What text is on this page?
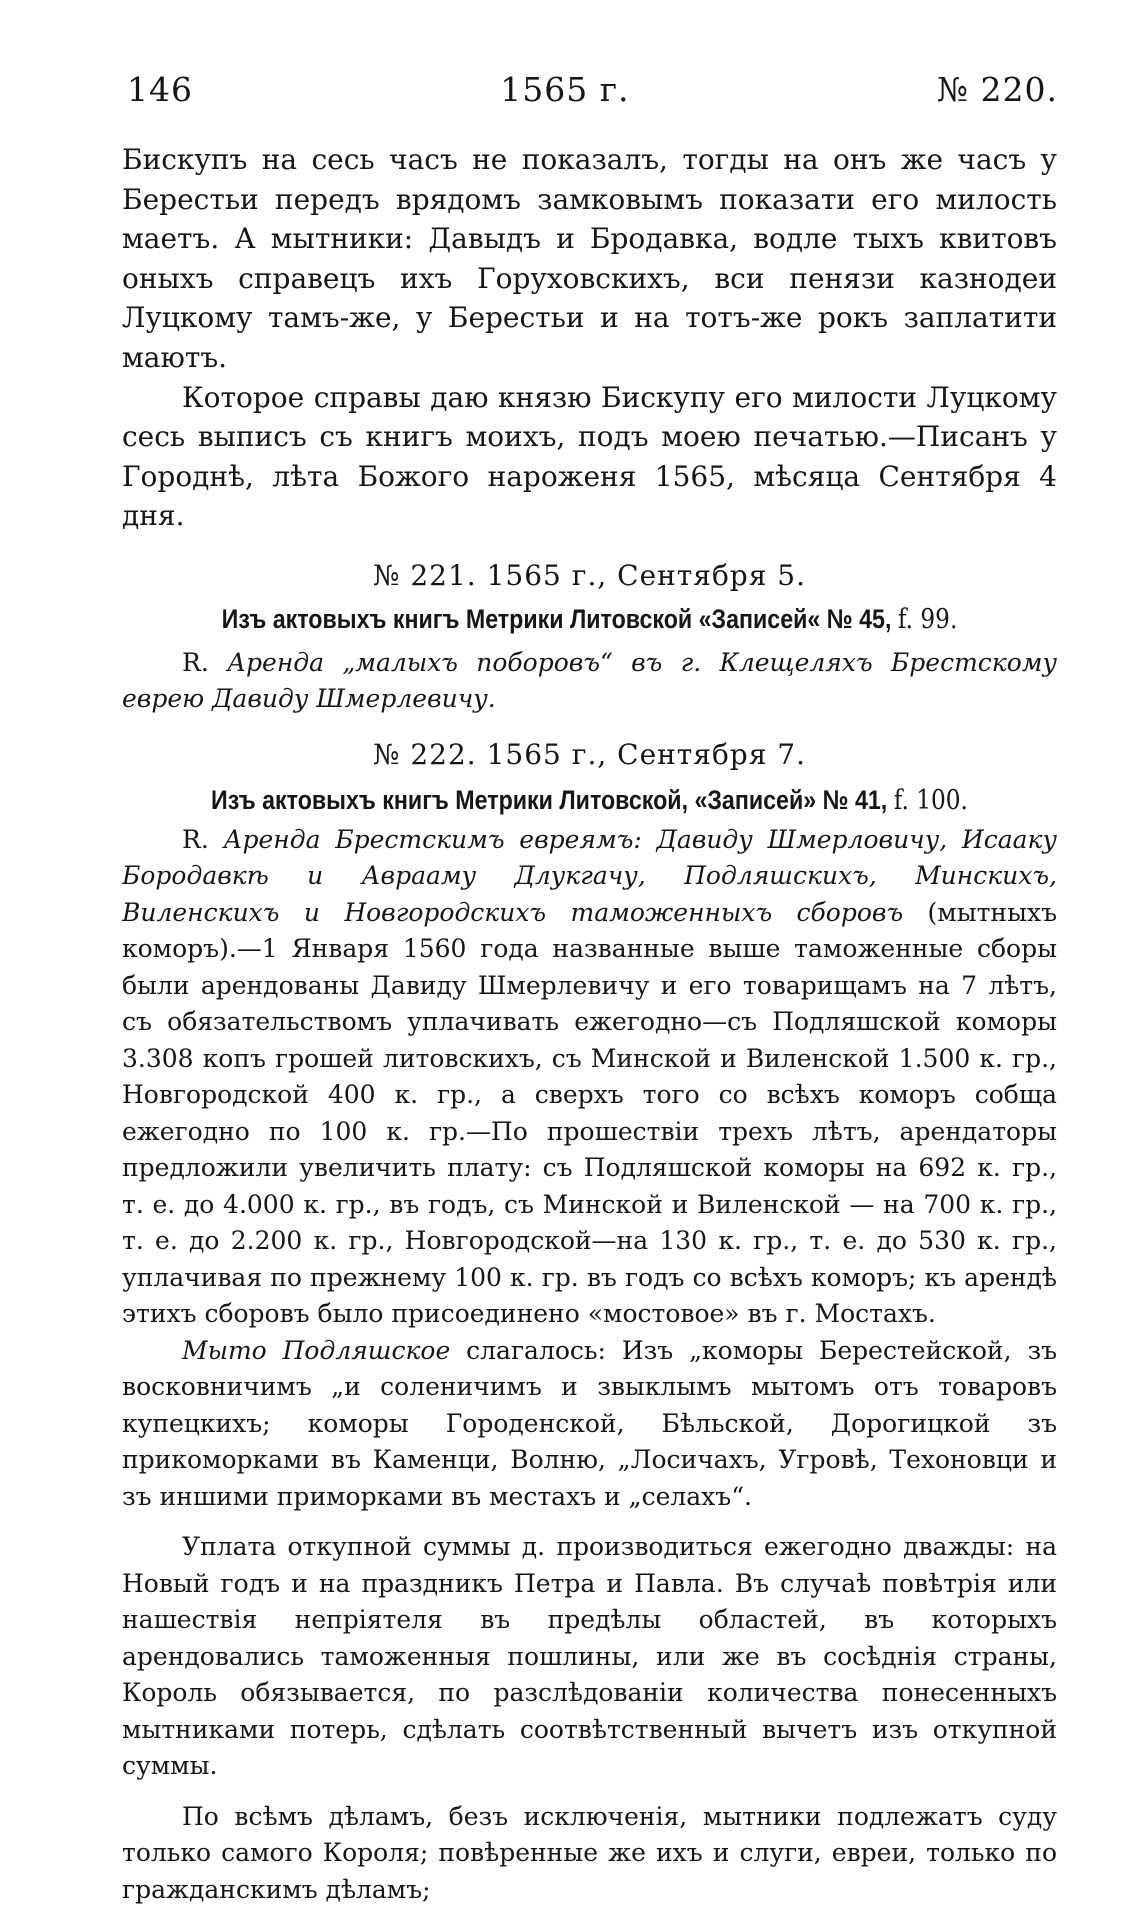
146	1565 г.	№ 220.

Бискупъ на сесь часъ не показалъ, тогды на онъ же часъ у Берестьи передъ врядомъ замковымъ показати его милость маетъ. А мытники: Давыдъ и Бродавка, водле тыхъ квитовъ оныхъ справецъ ихъ Горуховскихъ, вси пенязи казнодеи Луцкому тамъ-же, у Берестьи и на тотъ-же рокъ заплатити маютъ.

Которое справы даю князю Бискупу его милости Луцкому сесь выписъ съ книгъ моихъ, подъ моею печатью.—Писанъ у Городнѣ, лѣта Божого нароженя 1565, мѣсяца Сентября 4 дня.

№ 221. 1565 г., Сентября 5.

Изъ актовыхъ книгъ Метрики Литовской «Записей« № 45, f. 99.

R. Аренда „малыхъ поборовъ“ въ г. Клещеляхъ Брестскому еврею Давиду Шмерлевичу.

№ 222. 1565 г., Сентября 7.

Изъ актовыхъ книгъ Метрики Литовской, «Записей» № 41, f. 100.

R. Аренда Брестскимъ евреямъ: Давиду Шмерловичу, Исааку Бородавкѣ и Аврааму Длукгачу, Подляшскихъ, Минскихъ, Виленскихъ и Новгородскихъ таможенныхъ сборовъ (мытныхъ коморъ).—1 Января 1560 года названные выше таможенные сборы были арендованы Давиду Шмерлевичу и его товарищамъ на 7 лѣтъ, съ обязательствомъ уплачивать ежегодно—съ Подляшской коморы 3.308 копъ грошей литовскихъ, съ Минской и Виленской 1.500 к. гр., Новгородской 400 к. гр., а сверхъ того со всѣхъ коморъ собща ежегодно по 100 к. гр.—По прошествіи трехъ лѣтъ, арендаторы предложили увеличить плату: съ Подляшской коморы на 692 к. гр., т. е. до 4.000 к. гр., въ годъ, съ Минской и Виленской — на 700 к. гр., т. е. до 2.200 к. гр., Новгородской—на 130 к. гр., т. е. до 530 к. гр., уплачивая по прежнему 100 к. гр. въ годъ со всѣхъ коморъ; къ арендѣ этихъ сборовъ было присоединено «мостовое» въ г. Мостахъ.

Мыто Подляшское слагалось: Изъ „коморы Берестейской, зъ восковничимъ „и соленичимъ и звыклымъ мытомъ отъ товаровъ купецкихъ; коморы Городенской, Бѣльской, Дорогицкой зъ прикоморками въ Каменци, Волню, „Лосичахъ, Угровѣ, Техоновци и зъ иншими приморками въ местахъ и „селахъ“.

Уплата откупной суммы д. производиться ежегодно дважды: на Новый годъ и на праздникъ Петра и Павла. Въ случаѣ повѣтрія или нашествія непріятеля въ предѣлы областей, въ которыхъ арендовались таможенныя пошлины, или же въ сосѣднія страны, Король обязывается, по разслѣдованіи количества понесенныхъ мытниками потерь, сдѣлать соотвѣтственный вычетъ изъ откупной суммы.

По всѣмъ дѣламъ, безъ исключенія, мытники подлежатъ суду только самого Короля; повѣренные же ихъ и слуги, евреи, только по гражданскимъ дѣламъ;
